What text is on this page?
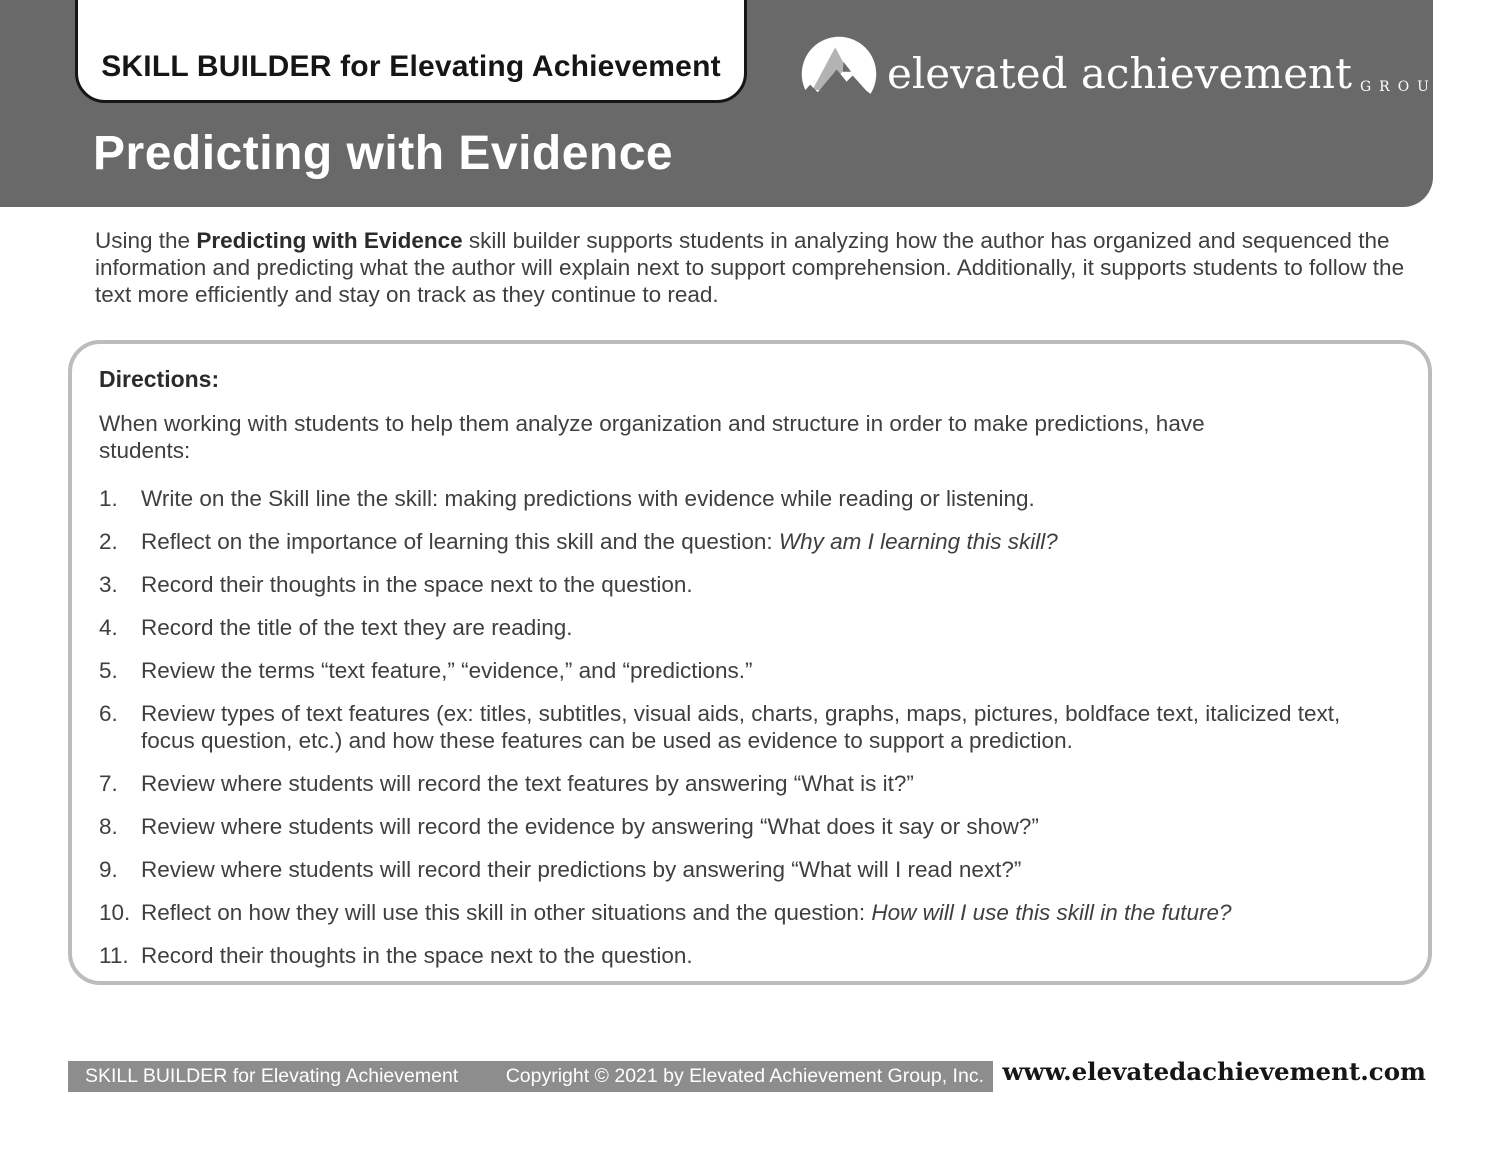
SKILL BUILDER for Elevating Achievement	elevated achievement GROUP
Predicting with Evidence

Using the Predicting with Evidence skill builder supports students in analyzing how the author has organized and sequenced the information and predicting what the author will explain next to support comprehension. Additionally, it supports students to follow the text more efficiently and stay on track as they continue to read.

Directions:

When working with students to help them analyze organization and structure in order to make predictions, have students:

1.	Write on the Skill line the skill: making predictions with evidence while reading or listening.
2.	Reflect on the importance of learning this skill and the question: Why am I learning this skill?
3.	Record their thoughts in the space next to the question.
4.	Record the title of the text they are reading.
5.	Review the terms “text feature,” “evidence,” and “predictions.”
6.	Review types of text features (ex: titles, subtitles, visual aids, charts, graphs, maps, pictures, boldface text, italicized text, focus question, etc.) and how these features can be used as evidence to support a prediction.
7.	Review where students will record the text features by answering “What is it?”
8.	Review where students will record the evidence by answering “What does it say or show?”
9.	Review where students will record their predictions by answering “What will I read next?”
10. Reflect on how they will use this skill in other situations and the question: How will I use this skill in the future?
11. Record their thoughts in the space next to the question.
SKILL BUILDER for Elevating Achievement Copyright © 2021 by Elevated Achievement Group, Inc. www.elevatedachievement.com
